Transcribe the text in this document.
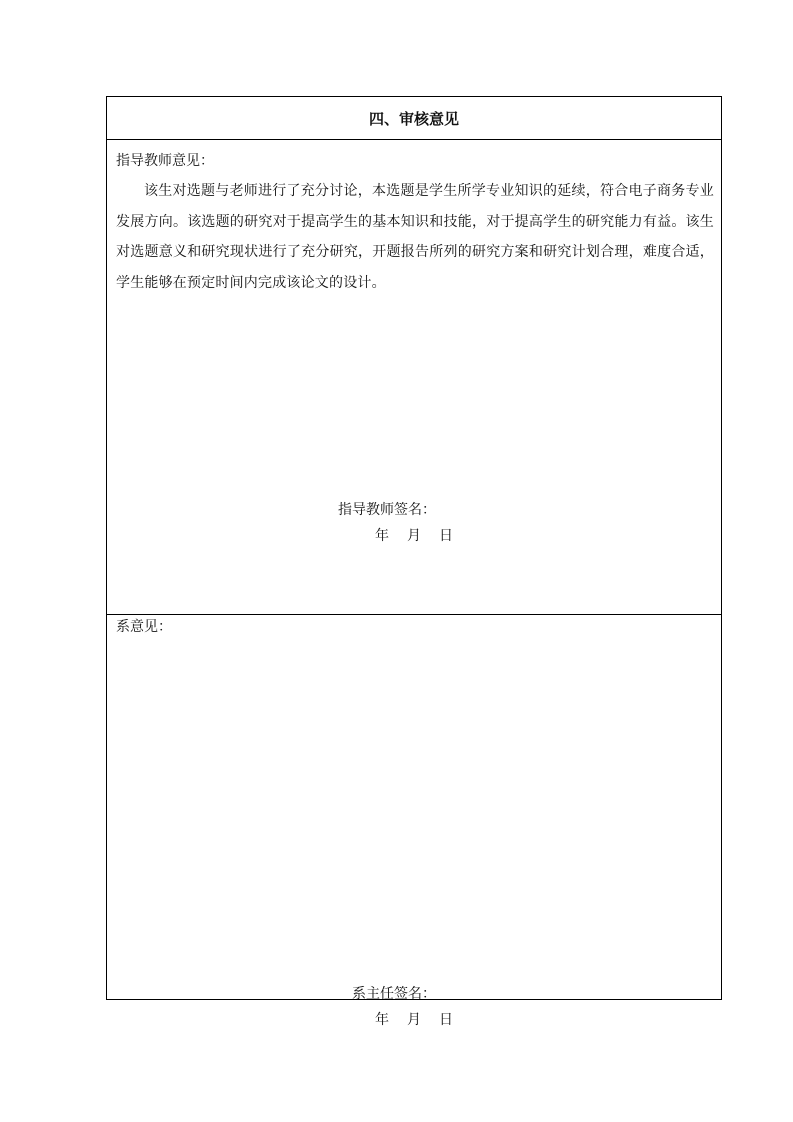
四、审核意见
指导教师意见：
该生对选题与老师进行了充分讨论，本选题是学生所学专业知识的延续，符合电子商务专业发展方向。该选题的研究对于提高学生的基本知识和技能，对于提高学生的研究能力有益。该生对选题意义和研究现状进行了充分研究，开题报告所列的研究方案和研究计划合理，难度合适，学生能够在预定时间内完成该论文的设计。
指导教师签名：
年 月 日
系意见：
系主任签名：
年 月 日
